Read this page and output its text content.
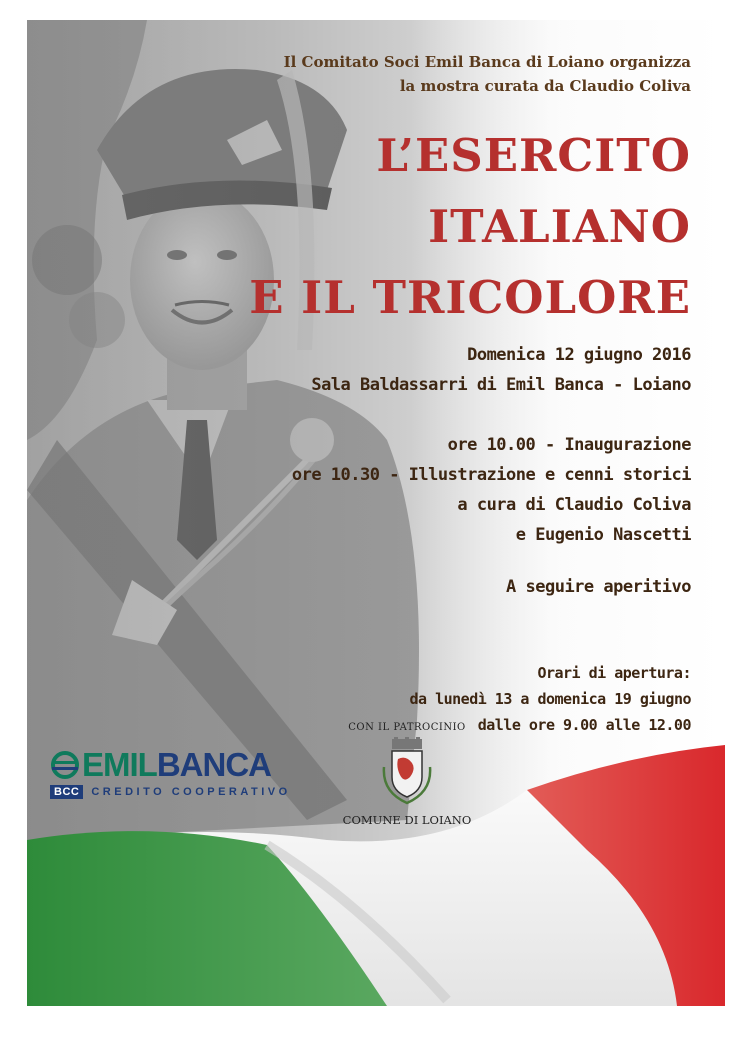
Il Comitato Soci Emil Banca di Loiano organizza
la mostra curata da Claudio Coliva
L’ESERCITO
ITALIANO
E IL TRICOLORE
Domenica 12 giugno 2016
Sala Baldassarri di Emil Banca - Loiano
ore 10.00 - Inaugurazione
ore 10.30 - Illustrazione e cenni storici
a cura di Claudio Coliva
e Eugenio Nascetti
A seguire aperitivo
Orari di apertura:
da lunedì 13 a domenica 19 giugno
dalle ore 9.00 alle 12.00
EMIL BANCA
BCC	CREDITO COOPERATIVO
CON IL PATROCINIO
COMUNE DI LOIANO
